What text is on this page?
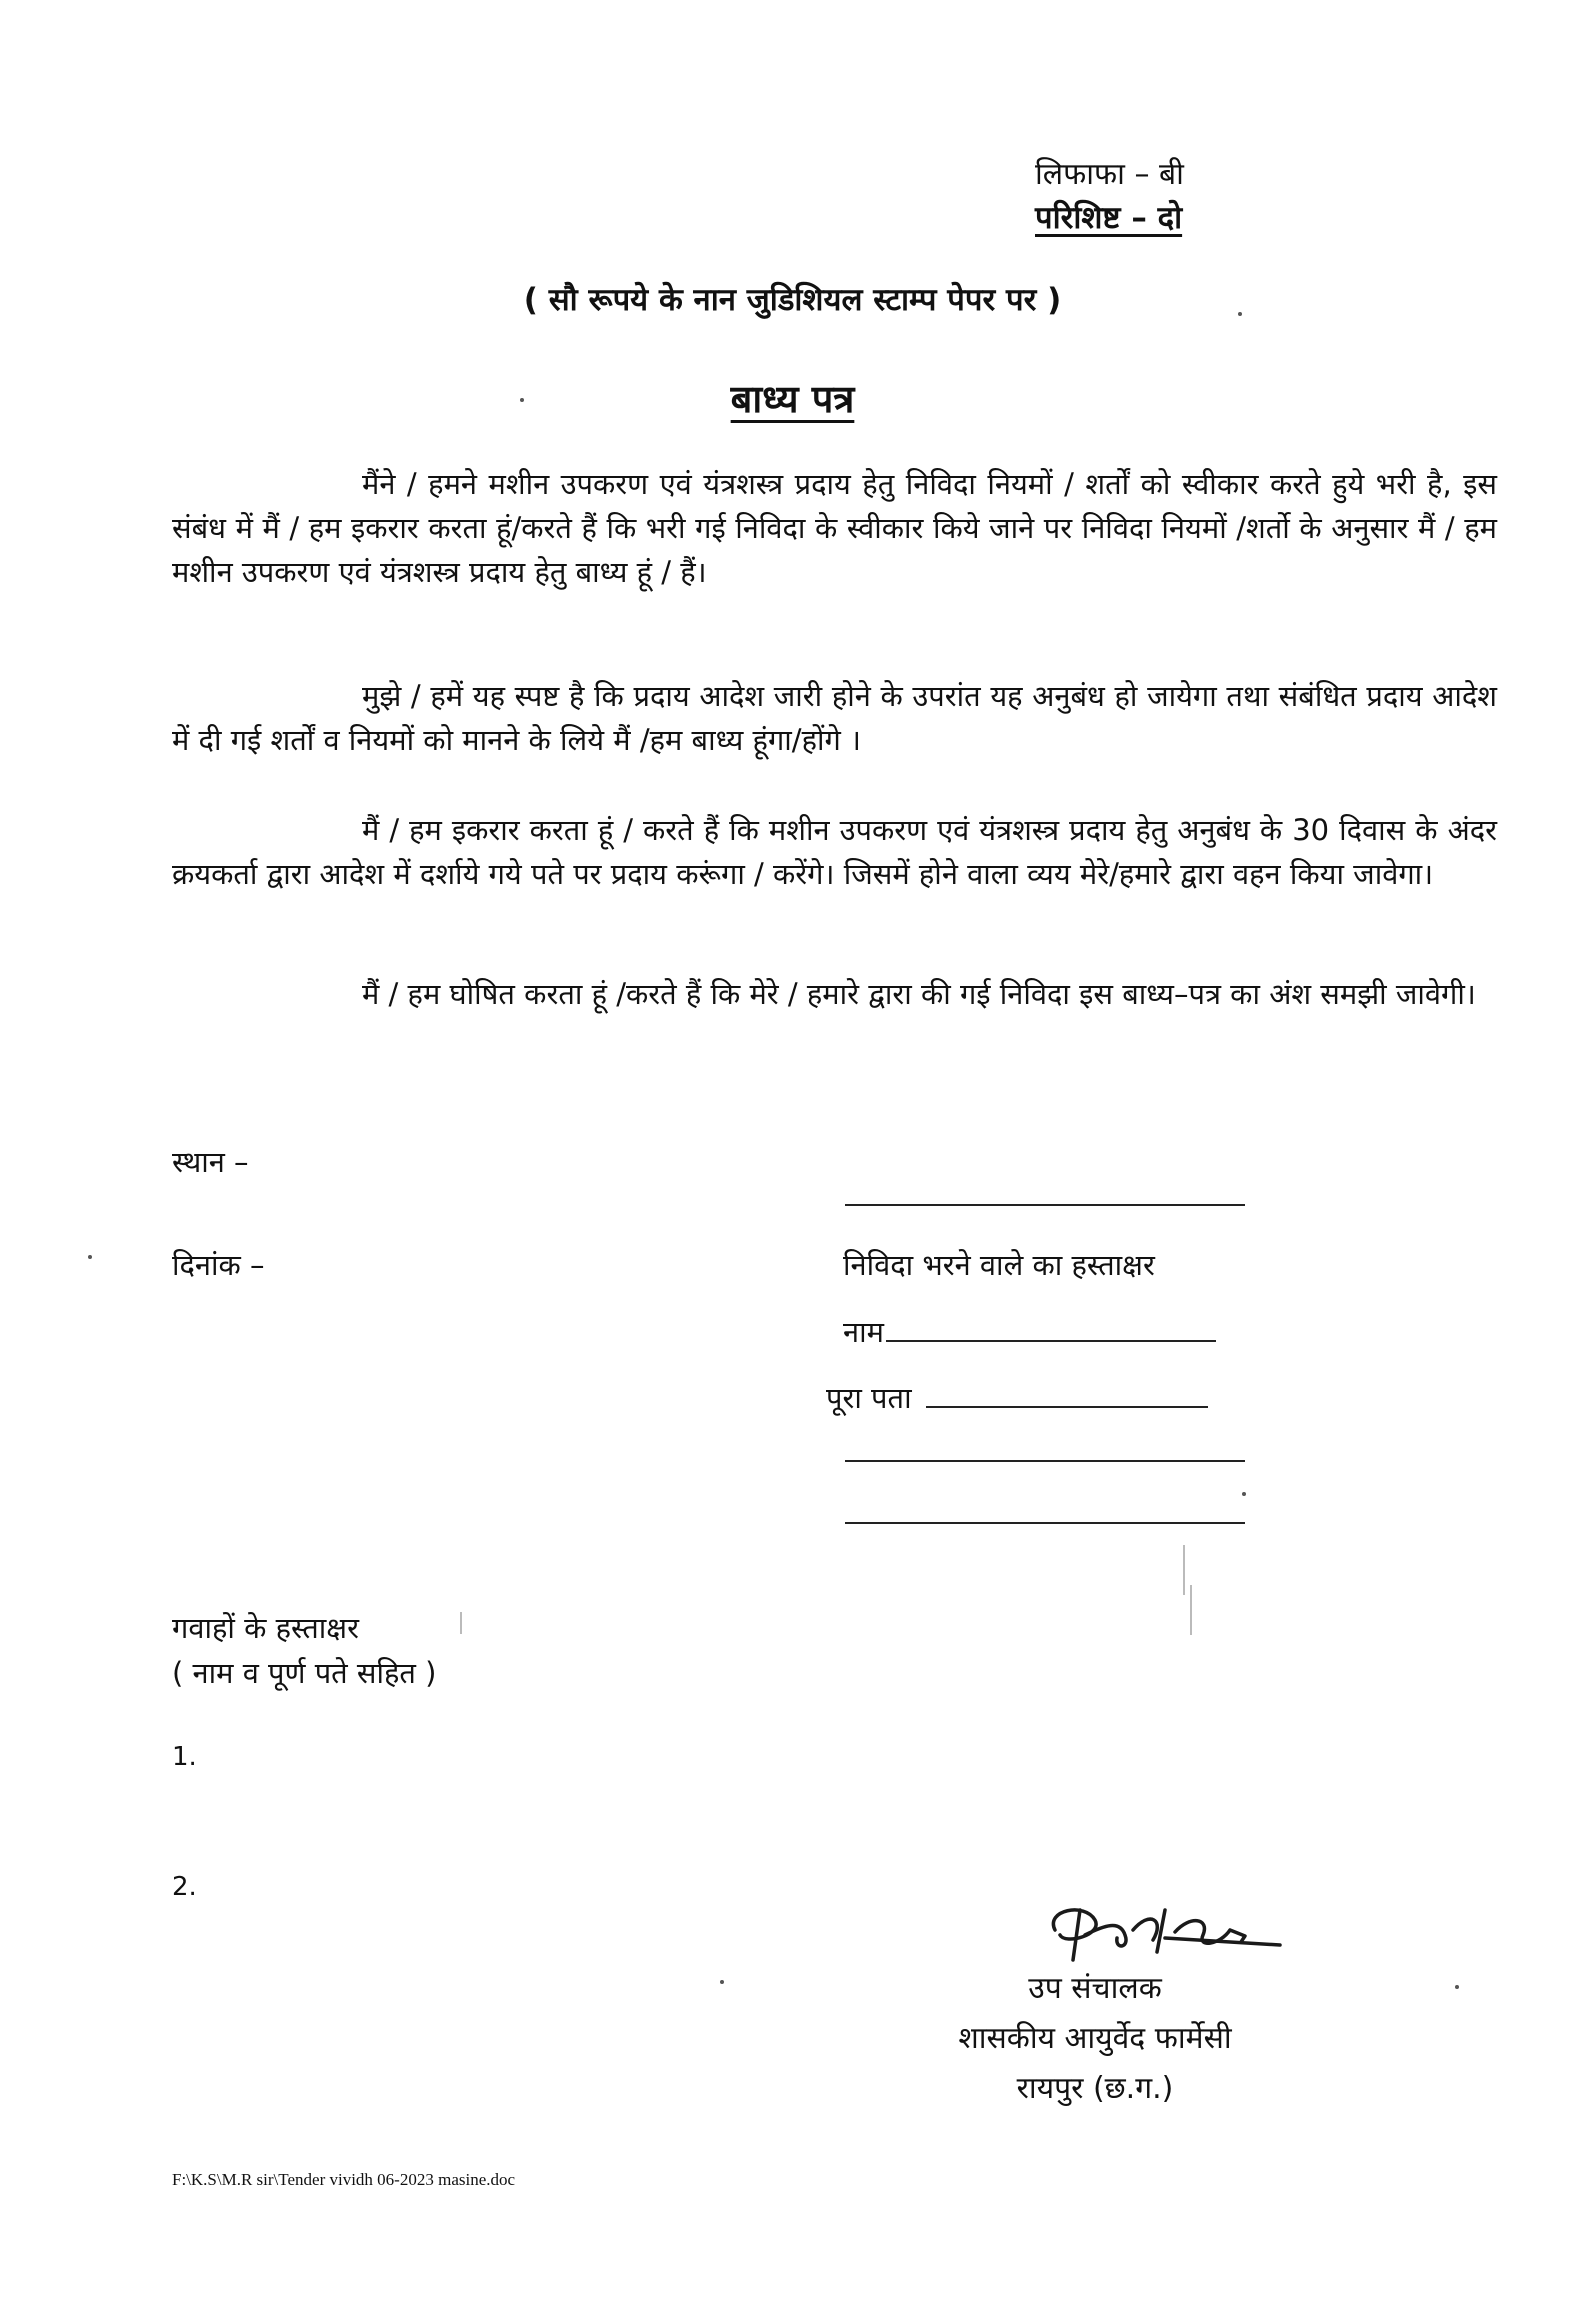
लिफाफा – बी
परिशिष्ट – दो
( सौ रूपये के नान जुडिशियल स्टाम्प पेपर पर )
बाध्य पत्र

मैंने / हमने मशीन उपकरण एवं यंत्रशस्त्र प्रदाय हेतु निविदा नियमों / शर्तों को स्वीकार करते हुये भरी है, इस संबंध में मैं / हम इकरार करता हूं/करते हैं कि भरी गई निविदा के स्वीकार किये जाने पर निविदा नियमों /शर्तो के अनुसार मैं / हम मशीन उपकरण एवं यंत्रशस्त्र प्रदाय हेतु बाध्य हूं / हैं।

मुझे / हमें यह स्पष्ट है कि प्रदाय आदेश जारी होने के उपरांत यह अनुबंध हो जायेगा तथा संबंधित प्रदाय आदेश में दी गई शर्तों व नियमों को मानने के लिये मैं /हम बाध्य हूंगा/होंगे ।

मैं / हम इकरार करता हूं / करते हैं कि मशीन उपकरण एवं यंत्रशस्त्र प्रदाय हेतु अनुबंध के 30 दिवास के अंदर क्रयकर्ता द्वारा आदेश में दर्शाये गये पते पर प्रदाय करूंगा / करेंगे। जिसमें होने वाला व्यय मेरे/हमारे द्वारा वहन किया जावेगा।

मैं / हम घोषित करता हूं /करते हैं कि मेरे / हमारे द्वारा की गई निविदा इस बाध्य–पत्र का अंश समझी जावेगी।

स्थान –
दिनांक –	निविदा भरने वाले का हस्ताक्षर
नाम
पूरा पता
गवाहों के हस्ताक्षर
( नाम व पूर्ण पते सहित )
1.
2.
उप संचालक
शासकीय आयुर्वेद फार्मेसी
रायपुर (छ.ग.)
F:\K.S\M.R sir\Tender vividh 06-2023 masine.doc
